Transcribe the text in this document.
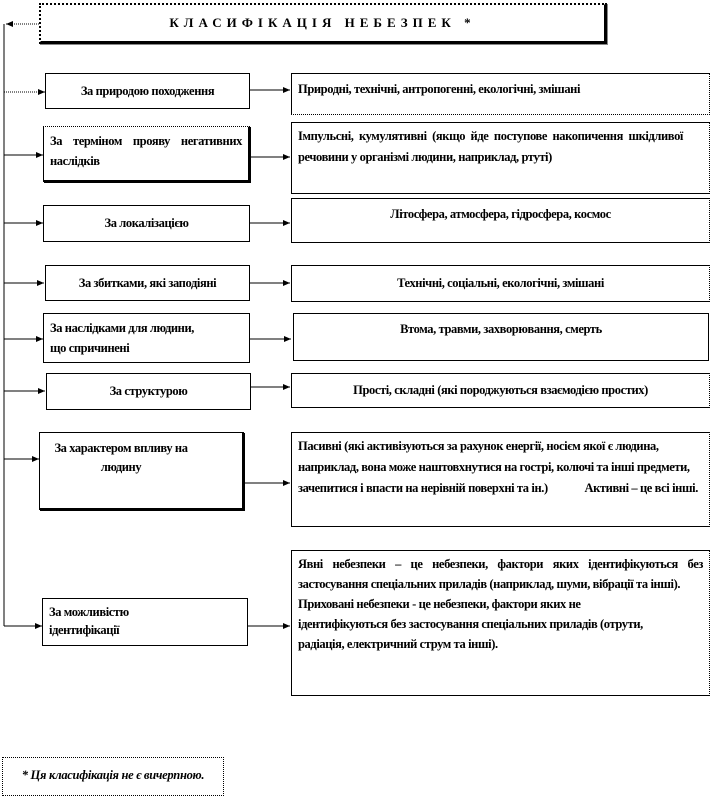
КЛАСИФІКАЦІЯ НЕБЕЗПЕК *
За природою походження
За терміном прояву негативних наслідків
За локалізацією
За збитками, які заподіяні
За наслідками для людини, що спричинені
За структурою
За характером впливу на людину
За можливістю ідентифікації
Природні, технічні, антропогенні, екологічні, змішані
Імпульсні, кумулятивні (якщо йде поступове накопичення шкідливої речовини у організмі людини, наприклад, ртуті)
Літосфера, атмосфера, гідросфера, космос
Технічні, соціальні, екологічні, змішані
Втома, травми, захворювання, смерть
Прості, складні (які породжуються взаємодією простих)
Пасивні (які активізуються за рахунок енергії, носієм якої є людина, наприклад, вона може наштовхнутися на гострі, колючі та інші предмети, зачепитися і впасти на нерівній поверхні та ін.)	Активні – це всі інші.
Явні небезпеки – це небезпеки, фактори яких ідентифікуються без застосування спеціальних приладів (наприклад, шуми, вібрації та інші).
Приховані небезпеки - це небезпеки, фактори яких не ідентифікуються без застосування спеціальних приладів (отрути, радіація, електричний струм та інші).
* Ця класифікація не є вичерпною.
